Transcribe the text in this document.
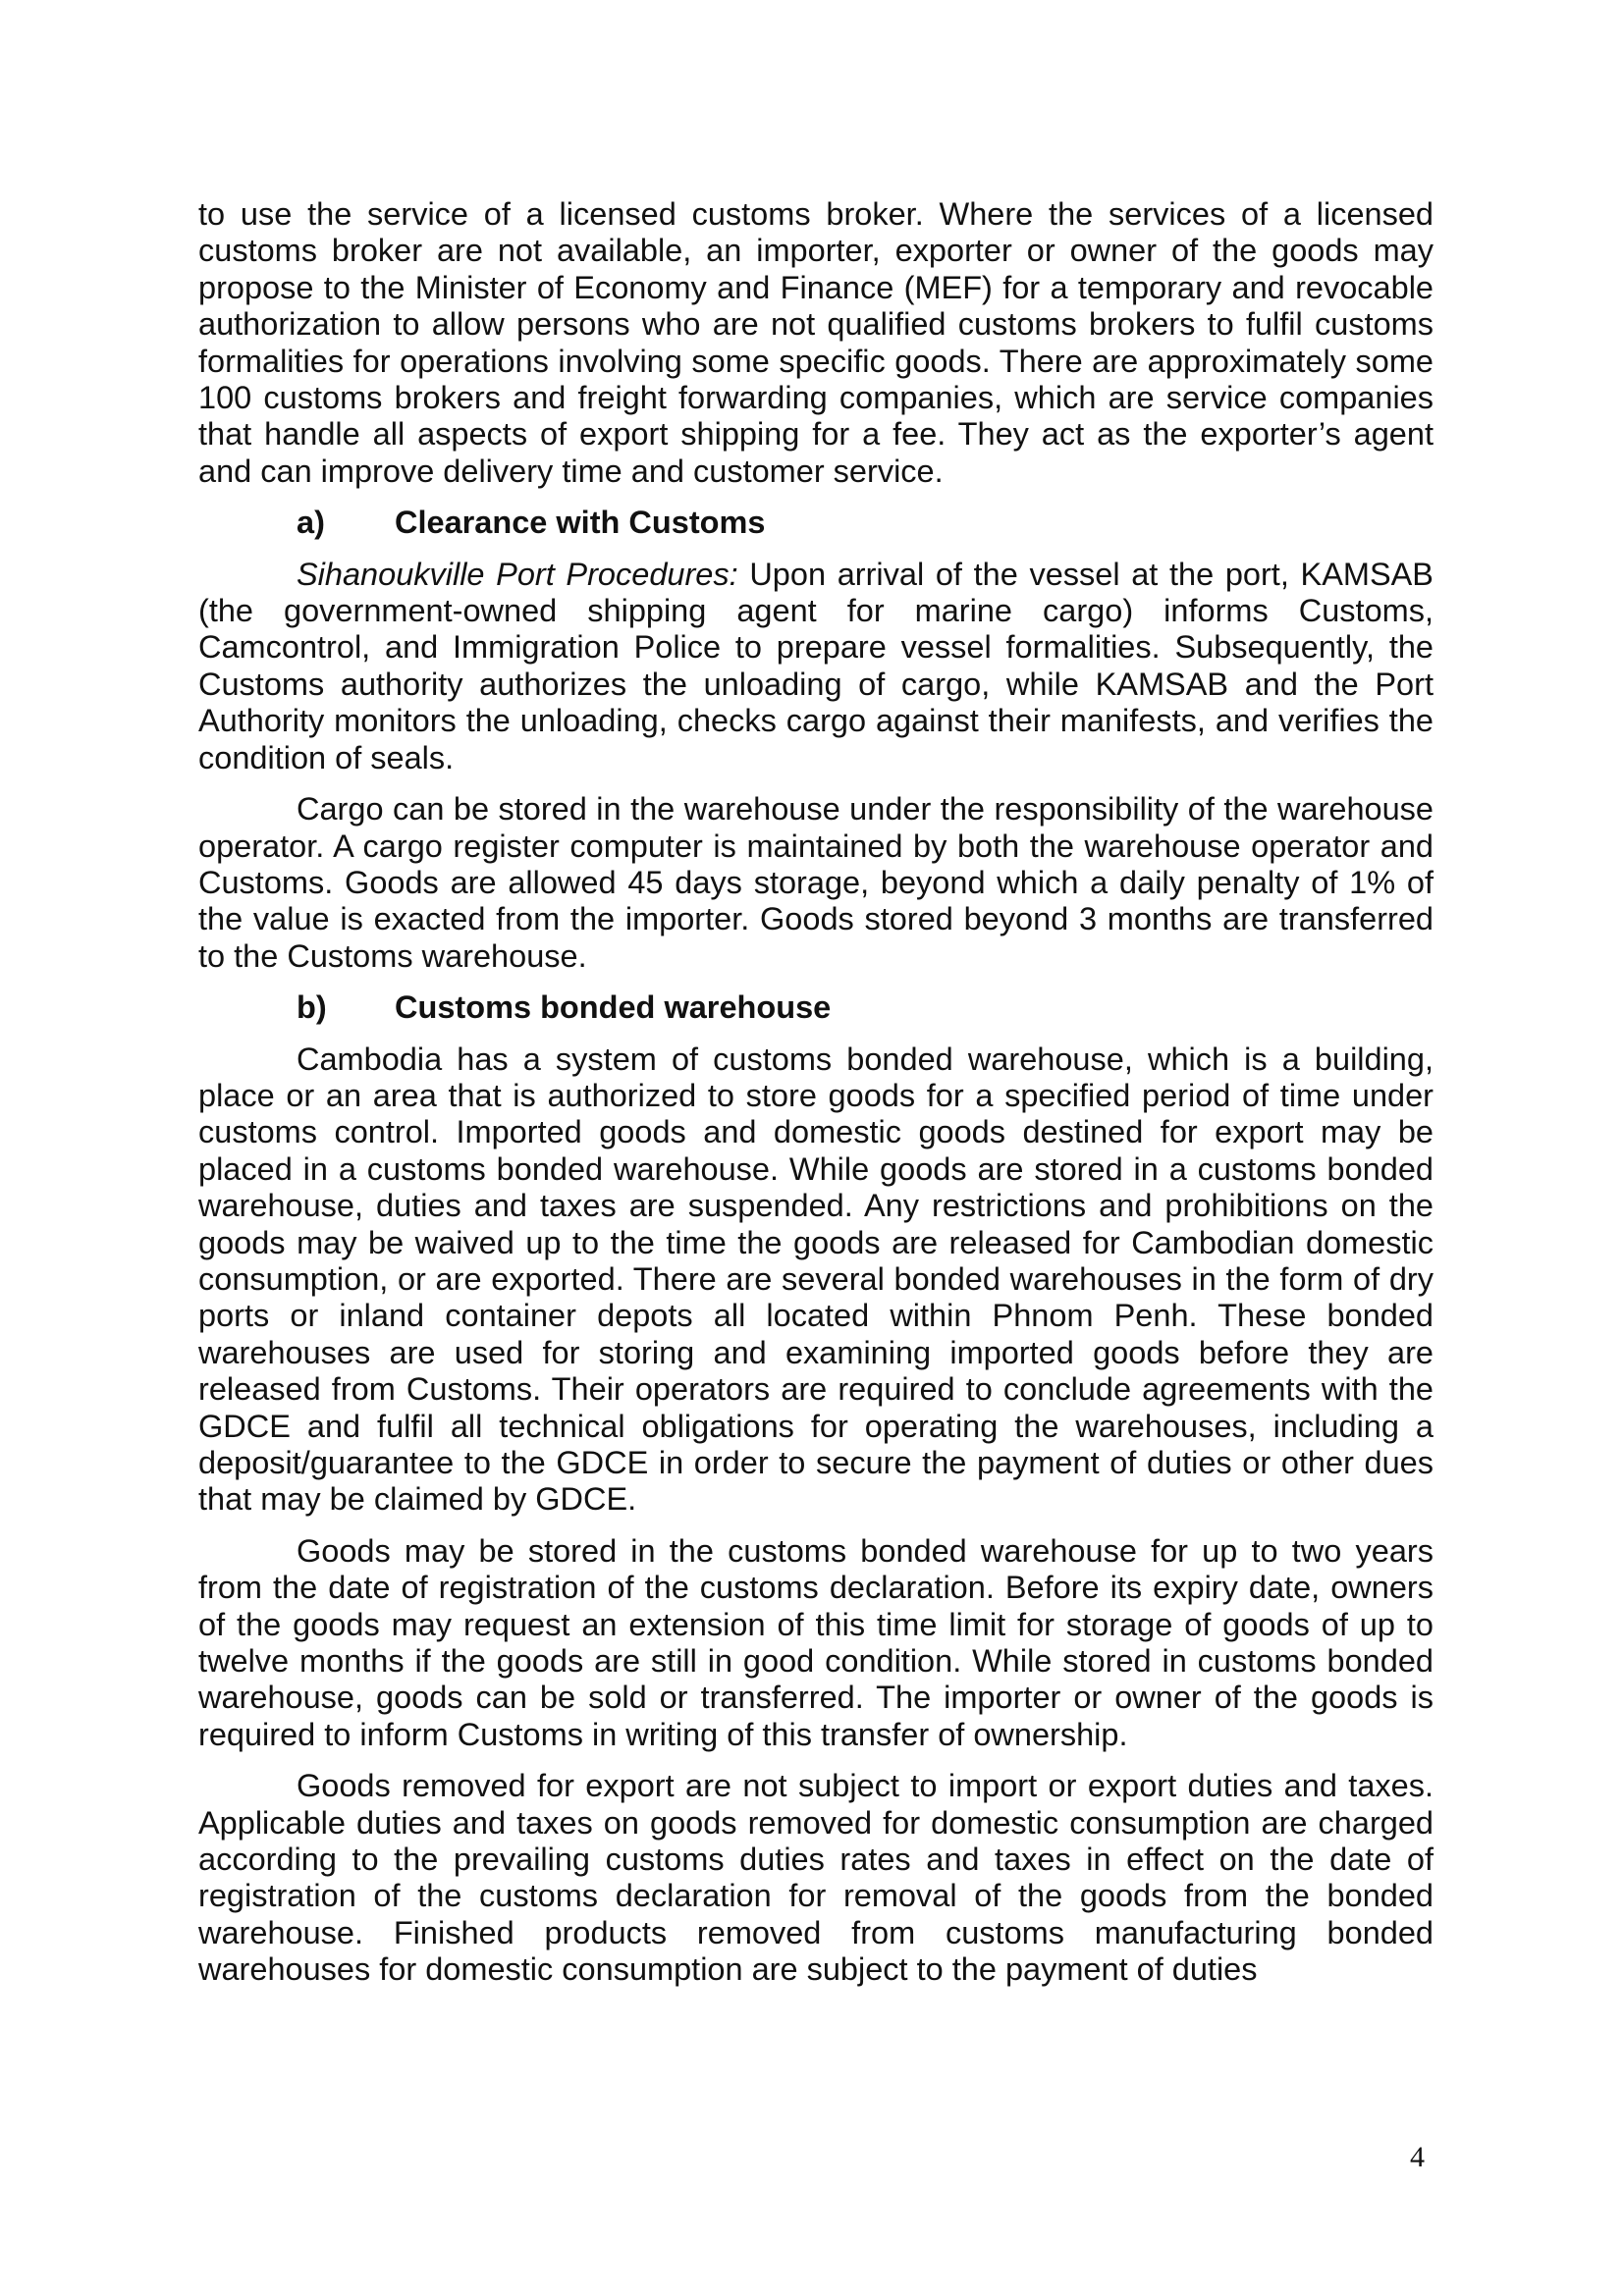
to use the service of a licensed customs broker. Where the services of a licensed customs broker are not available, an importer, exporter or owner of the goods may propose to the Minister of Economy and Finance (MEF) for a temporary and revocable authorization to allow persons who are not qualified customs brokers to fulfil customs formalities for operations involving some specific goods. There are approximately some 100 customs brokers and freight forwarding companies, which are service companies that handle all aspects of export shipping for a fee. They act as the exporter’s agent and can improve delivery time and customer service.

a)	Clearance with Customs

Sihanoukville Port Procedures: Upon arrival of the vessel at the port, KAMSAB (the government-owned shipping agent for marine cargo) informs Customs, Camcontrol, and Immigration Police to prepare vessel formalities. Subsequently, the Customs authority authorizes the unloading of cargo, while KAMSAB and the Port Authority monitors the unloading, checks cargo against their manifests, and verifies the condition of seals.

Cargo can be stored in the warehouse under the responsibility of the warehouse operator. A cargo register computer is maintained by both the warehouse operator and Customs. Goods are allowed 45 days storage, beyond which a daily penalty of 1% of the value is exacted from the importer. Goods stored beyond 3 months are transferred to the Customs warehouse.

b)	Customs bonded warehouse

Cambodia has a system of customs bonded warehouse, which is a building, place or an area that is authorized to store goods for a specified period of time under customs control. Imported goods and domestic goods destined for export may be placed in a customs bonded warehouse. While goods are stored in a customs bonded warehouse, duties and taxes are suspended. Any restrictions and prohibitions on the goods may be waived up to the time the goods are released for Cambodian domestic consumption, or are exported. There are several bonded warehouses in the form of dry ports or inland container depots all located within Phnom Penh. These bonded warehouses are used for storing and examining imported goods before they are released from Customs. Their operators are required to conclude agreements with the GDCE and fulfil all technical obligations for operating the warehouses, including a deposit/guarantee to the GDCE in order to secure the payment of duties or other dues that may be claimed by GDCE.

Goods may be stored in the customs bonded warehouse for up to two years from the date of registration of the customs declaration. Before its expiry date, owners of the goods may request an extension of this time limit for storage of goods of up to twelve months if the goods are still in good condition. While stored in customs bonded warehouse, goods can be sold or transferred. The importer or owner of the goods is required to inform Customs in writing of this transfer of ownership.

Goods removed for export are not subject to import or export duties and taxes. Applicable duties and taxes on goods removed for domestic consumption are charged according to the prevailing customs duties rates and taxes in effect on the date of registration of the customs declaration for removal of the goods from the bonded warehouse. Finished products removed from customs manufacturing bonded warehouses for domestic consumption are subject to the payment of duties

4
